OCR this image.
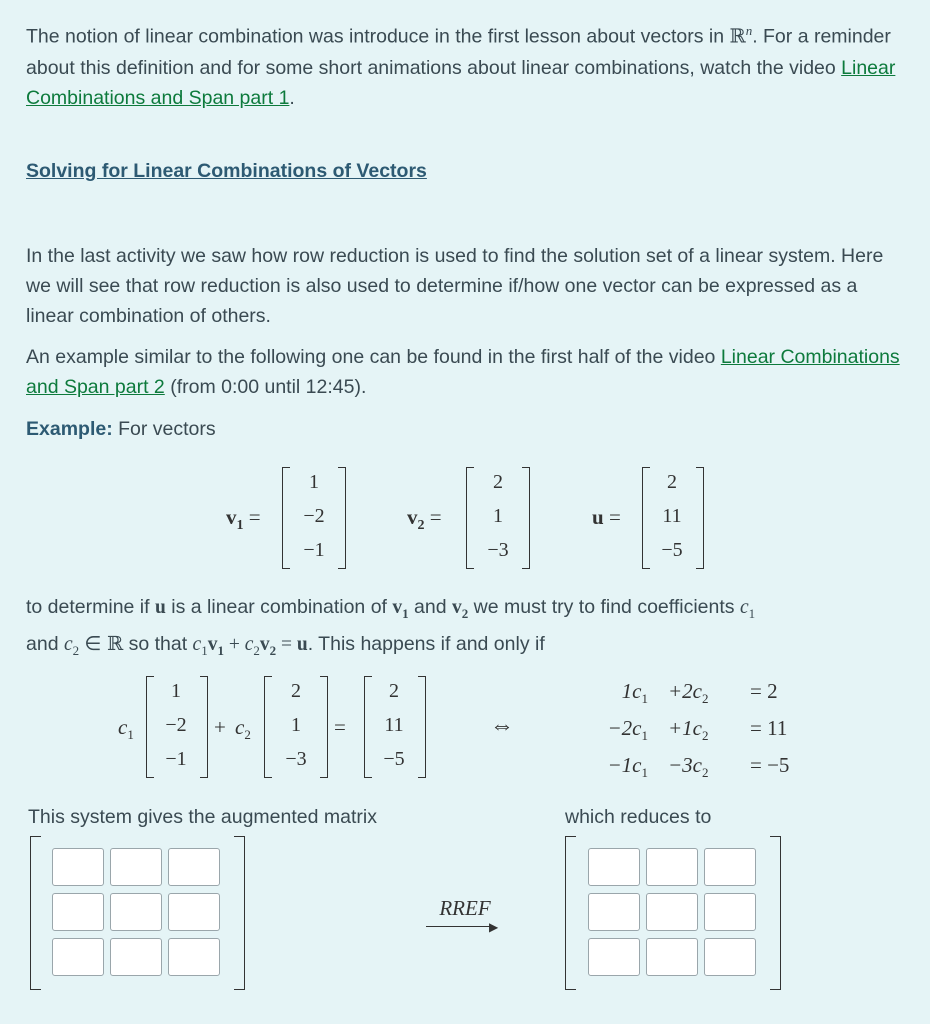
The notion of linear combination was introduce in the first lesson about vectors in ℝ$^n$. For a reminder about this definition and for some short animations about linear combinations, watch the video Linear Combinations and Span part 1.

Solving for Linear Combinations of Vectors

In the last activity we saw how row reduction is used to find the solution set of a linear system. Here we will see that row reduction is also used to determine if/how one vector can be expressed as a linear combination of others.

An example similar to the following one can be found in the first half of the video Linear Combinations and Span part 2 (from 0:00 until 12:45).

Example: For vectors

$v_1$ =
1
−2
−1
$v_2$ =
2
1
−3
u =
2
11
−5

to determine if u is a linear combination of $v_1$ and $v_2$ we must try to find coefficients $c_1$
and $c_2$ ∈ ℝ so that $c_1v_1 + c_2v_2 = u$. This happens if and only if

$c_1$
1
−2
−1
+ $c_2$
2
1
−3
=
2
11
−5
⇔
$1c_1$
$-2c_1$
$-1c_1$
$+2c_2$
$+1c_2$
$-3c_2$
= 2
= 11
= −5

This system gives the augmented matrix	which reduces to

RREF
▶
